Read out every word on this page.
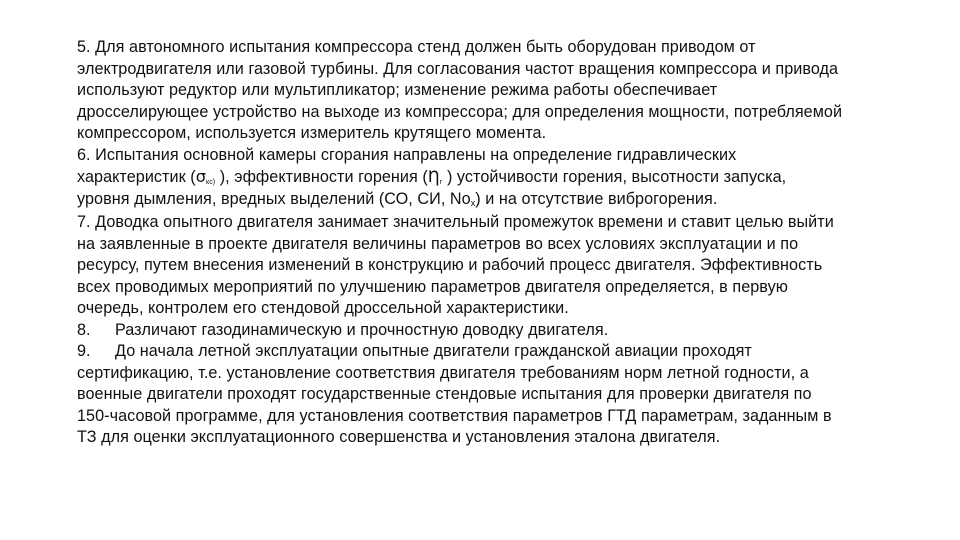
5. Для автономного испытания компрессора стенд должен быть оборудован приводом от
электродвигателя или газовой турбины. Для согласования частот вращения компрессора и привода
используют редуктор или мультипликатор; изменение режима работы обеспечивает
дросселирующее устройство на выходе из компрессора; для определения мощности, потребляемой
компрессором, используется измеритель крутящего момента.
6. Испытания основной камеры сгорания направлены на определение гидравлических
характеристик ($\sigma_{кс)}$ ), эффективности горения ($Ƞ_г$ ) устойчивости горения, высотности запуска,
уровня дымления, вредных выделений (СО, СИ, $No_x$) и на отсутствие виброгорения.
7. Доводка опытного двигателя занимает значительный промежуток времени и ставит целью выйти
на заявленные в проекте двигателя величины параметров во всех условиях эксплуатации и по
ресурсу, путем внесения изменений в конструкцию и рабочий процесс двигателя. Эффективность
всех проводимых мероприятий по улучшению параметров двигателя определяется, в первую
очередь, контролем его стендовой дроссельной характеристики.
8. Различают газодинамическую и прочностную доводку двигателя.
9. До начала летной эксплуатации опытные двигатели гражданской авиации проходят
сертификацию, т.е. установление соответствия двигателя требованиям норм летной годности, а
военные двигатели проходят государственные стендовые испытания для проверки двигателя по
150-часовой программе, для установления соответствия параметров ГТД параметрам, заданным в
ТЗ для оценки эксплуатационного совершенства и установления эталона двигателя.
